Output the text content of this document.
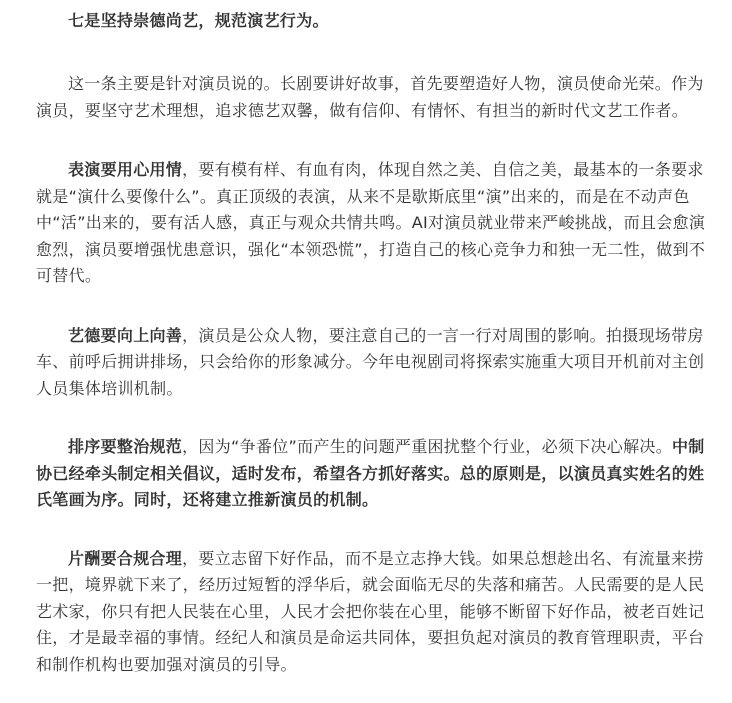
七是坚持崇德尚艺，规范演艺行为。

这一条主要是针对演员说的。长剧要讲好故事，首先要塑造好人物，演员使命光荣。作为演员，要坚守艺术理想，追求德艺双馨，做有信仰、有情怀、有担当的新时代文艺工作者。

表演要用心用情，要有模有样、有血有肉，体现自然之美、自信之美，最基本的一条要求就是“演什么要像什么”。真正顶级的表演，从来不是歇斯底里“演”出来的，而是在不动声色中“活”出来的，要有活人感，真正与观众共情共鸣。AI对演员就业带来严峻挑战，而且会愈演愈烈，演员要增强忧患意识，强化“本领恐慌”，打造自己的核心竞争力和独一无二性，做到不可替代。

艺德要向上向善，演员是公众人物，要注意自己的一言一行对周围的影响。拍摄现场带房车、前呼后拥讲排场，只会给你的形象减分。今年电视剧司将探索实施重大项目开机前对主创人员集体培训机制。

排序要整治规范，因为“争番位”而产生的问题严重困扰整个行业，必须下决心解决。中制协已经牵头制定相关倡议，适时发布，希望各方抓好落实。总的原则是，以演员真实姓名的姓氏笔画为序。同时，还将建立推新演员的机制。

片酬要合规合理，要立志留下好作品，而不是立志挣大钱。如果总想趁出名、有流量来捞一把，境界就下来了，经历过短暂的浮华后，就会面临无尽的失落和痛苦。人民需要的是人民艺术家，你只有把人民装在心里，人民才会把你装在心里，能够不断留下好作品，被老百姓记住，才是最幸福的事情。经纪人和演员是命运共同体，要担负起对演员的教育管理职责，平台和制作机构也要加强对演员的引导。
